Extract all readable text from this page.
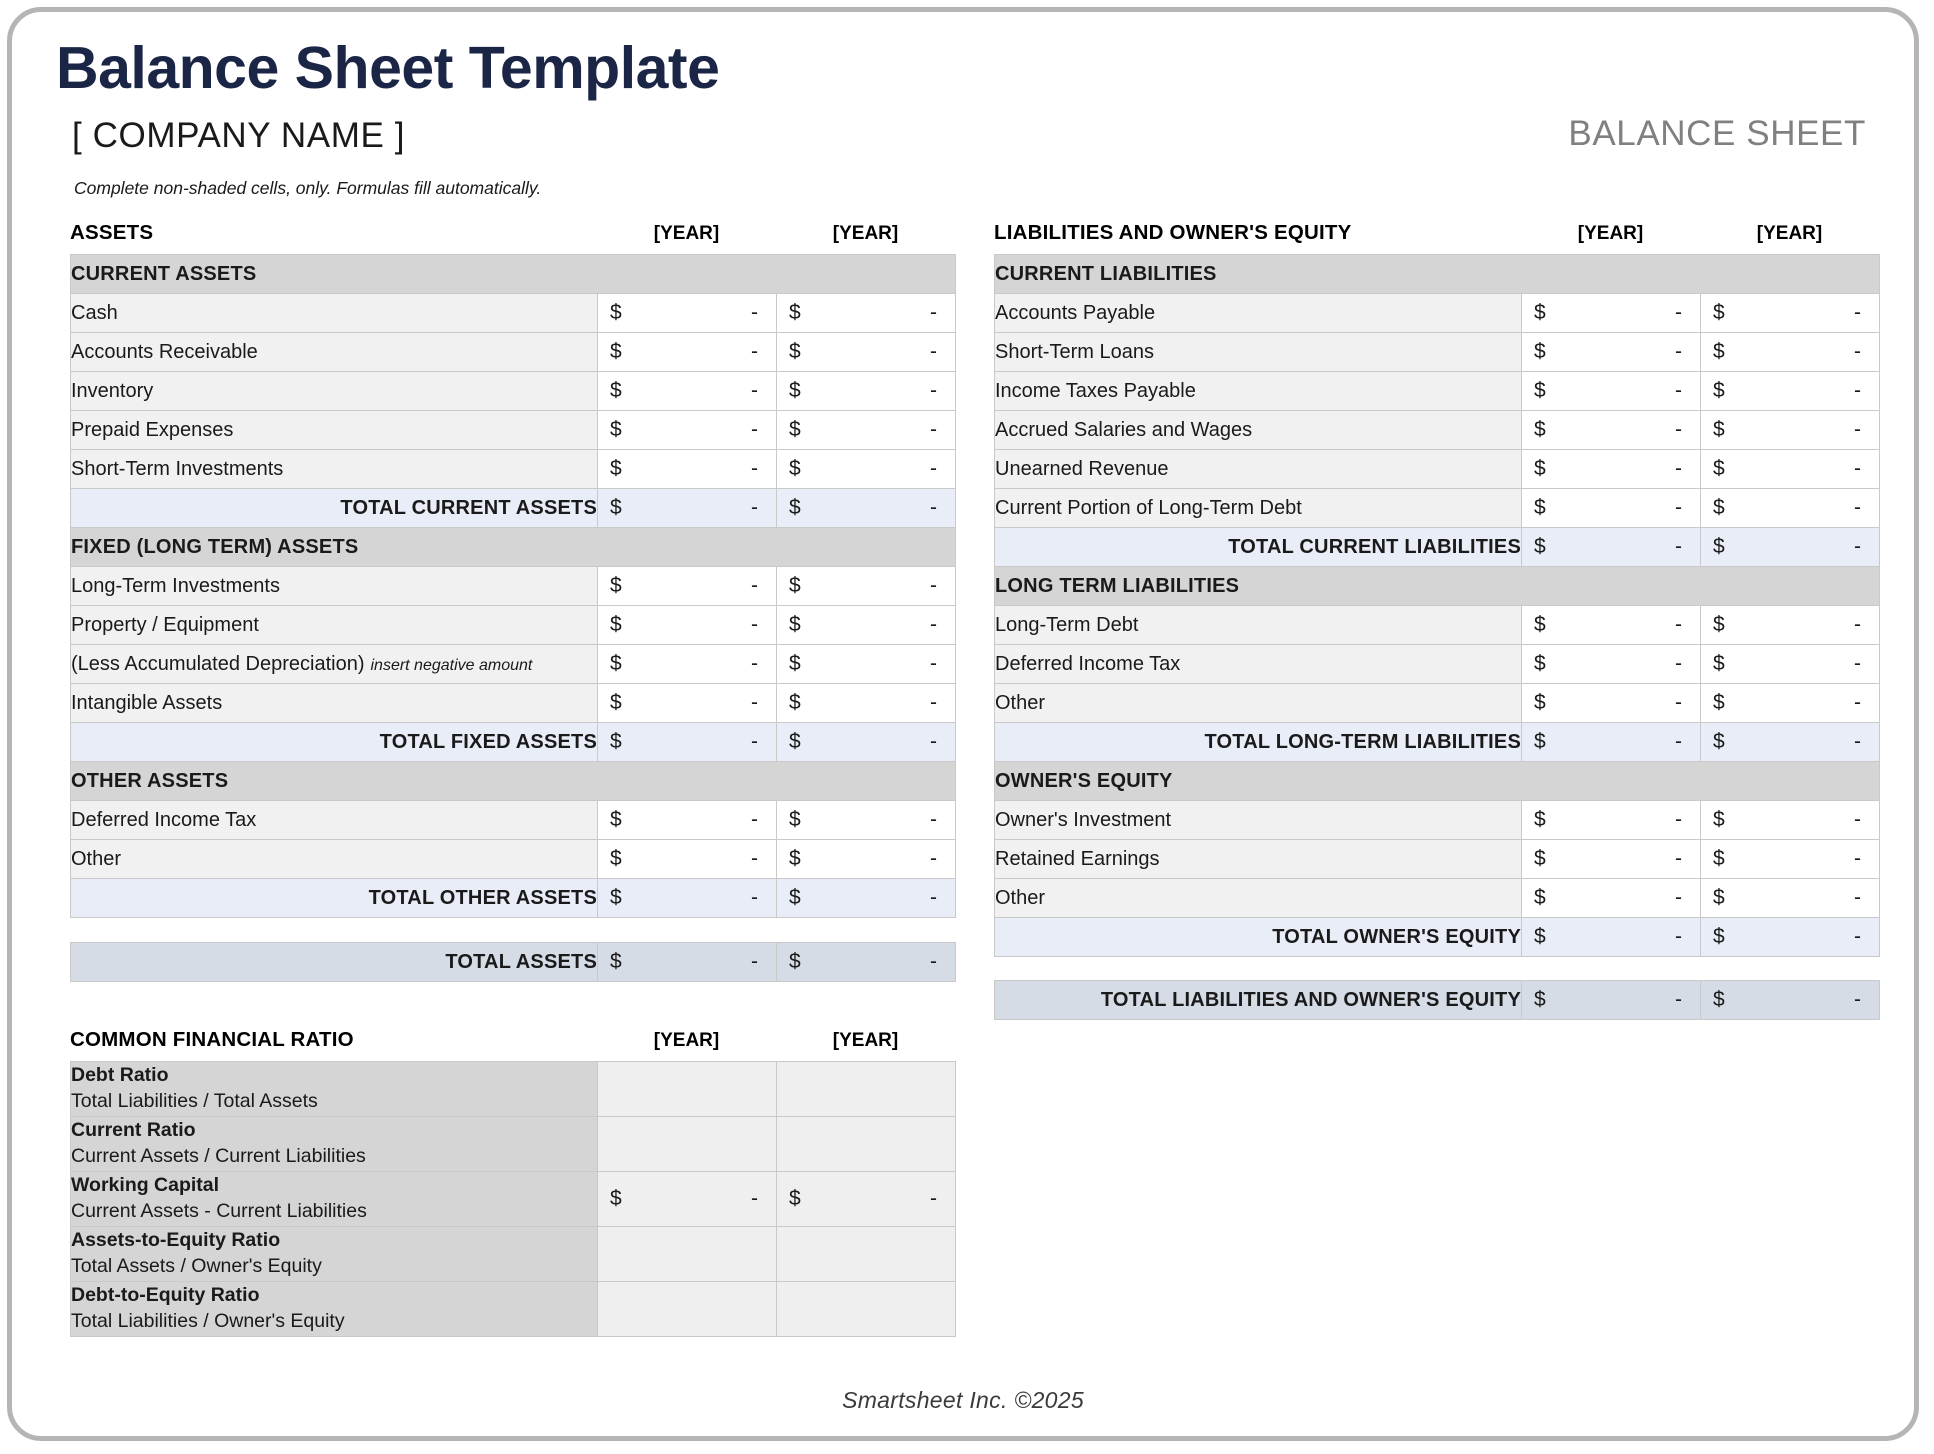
Balance Sheet Template
[ COMPANY NAME ]	BALANCE SHEET
Complete non-shaded cells, only. Formulas fill automatically.
ASSETS	[YEAR]	[YEAR]
CURRENT ASSETS		
Cash	$ -	$ -

Accounts Receivable	$ -	$ -

Inventory	$ -	$ -

Prepaid Expenses	$ -	$ -

Short-Term Investments	$ -	$ -

TOTAL CURRENT ASSETS	$ -	$ -

FIXED (LONG TERM) ASSETS		
Long-Term Investments	$ -	$ -

Property / Equipment	$ -	$ -

(Less Accumulated Depreciation) insert negative amount	$ -	$ -

Intangible Assets	$ -	$ -

TOTAL FIXED ASSETS	$ -	$ -

OTHER ASSETS		
Deferred Income Tax	$ -	$ -

Other	$ -	$ -

TOTAL OTHER ASSETS	$ -	$ -
TOTAL ASSETS	$	-	$	-
LIABILITIES AND OWNER'S EQUITY	[YEAR]	[YEAR]
CURRENT LIABILITIES		
Accounts Payable	$ -	$ -

Short-Term Loans	$ -	$ -

Income Taxes Payable	$ -	$ -

Accrued Salaries and Wages	$ -	$ -

Unearned Revenue	$ -	$ -

Current Portion of Long-Term Debt	$ -	$ -

TOTAL CURRENT LIABILITIES	$ -	$ -

LONG TERM LIABILITIES		
Long-Term Debt	$ -	$ -

Deferred Income Tax	$ -	$ -

Other	$ -	$ -

TOTAL LONG-TERM LIABILITIES	$ -	$ -

OWNER'S EQUITY		
Owner's Investment	$ -	$ -

Retained Earnings	$ -	$ -

Other	$ -	$ -

TOTAL OWNER'S EQUITY	$ -	$ -
TOTAL LIABILITIES AND OWNER'S EQUITY	$	-	$	-
COMMON FINANCIAL RATIO	[YEAR]	[YEAR]
Debt Ratio
Total Liabilities / Total Assets		

Current Ratio
Current Assets / Current Liabilities		

Working Capital
Current Assets - Current Liabilities	$ -	$ -

Assets-to-Equity Ratio
Total Assets / Owner's Equity		

Debt-to-Equity Ratio
Total Liabilities / Owner's Equity		

Smartsheet Inc. ©2025
